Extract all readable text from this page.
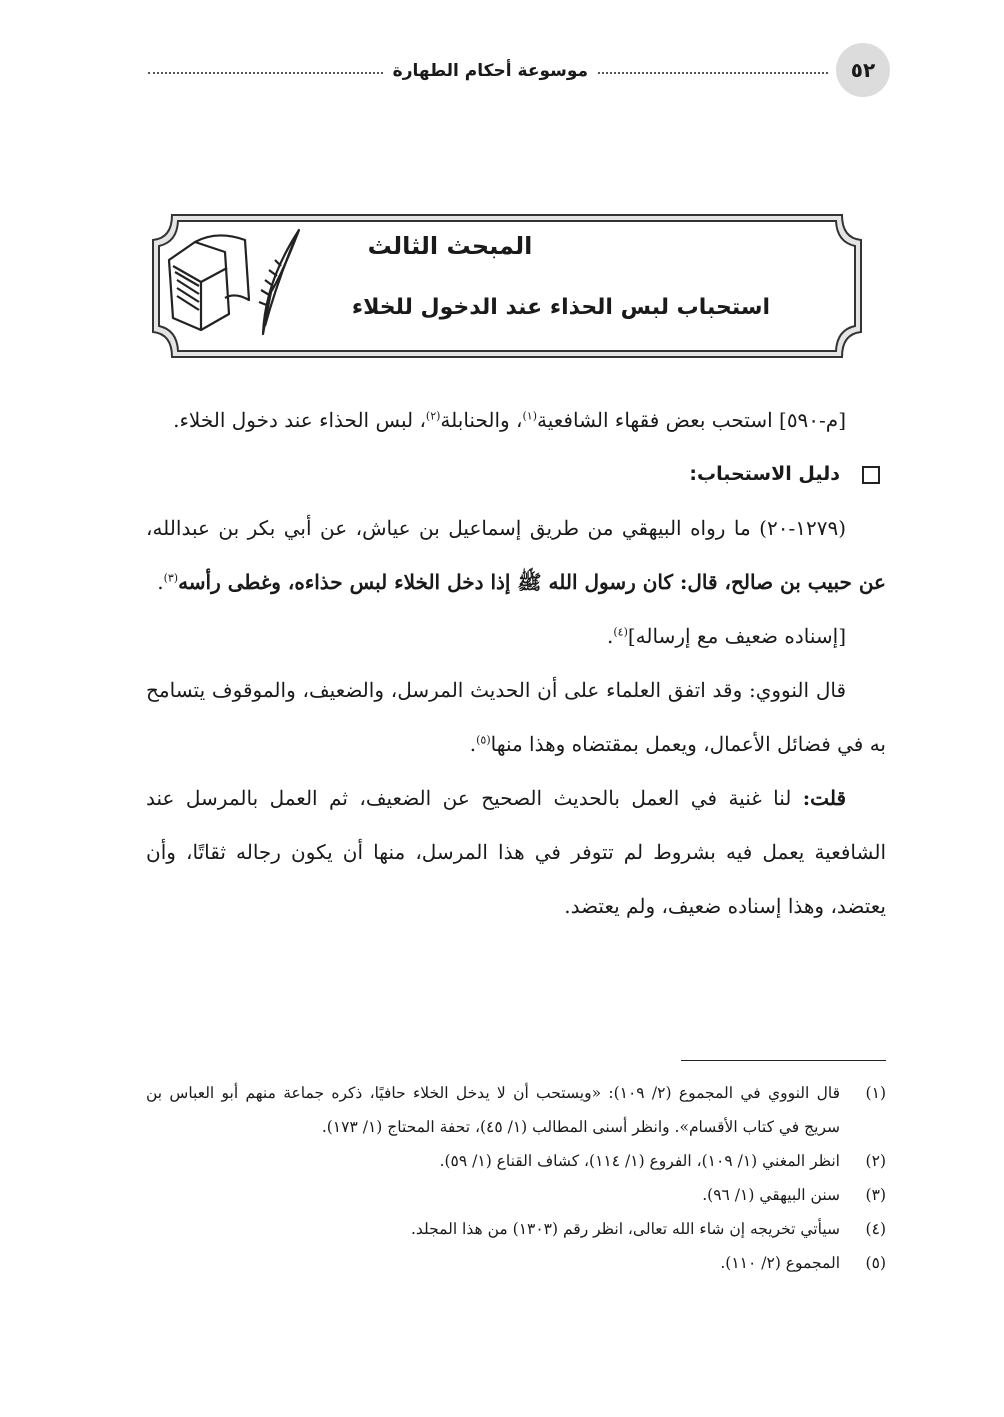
٥٢
موسوعة أحكام الطهارة
المبحث الثالث
استحباب لبس الحذاء عند الدخول للخلاء

[م-٥٩٠] استحب بعض فقهاء الشافعية$^{(١)}$، والحنابلة$^{(٢)}$، لبس الحذاء عند دخول الخلاء.

دليل الاستحباب:

(١٢٧٩-٢٠) ما رواه البيهقي من طريق إسماعيل بن عياش، عن أبي بكر بن عبدالله، عن حبيب بن صالح، قال: كان رسول الله ﷺ إذا دخل الخلاء لبس حذاءه، وغطى رأسه$^{(٣)}$.

[إسناده ضعيف مع إرساله]$^{(٤)}$.

قال النووي: وقد اتفق العلماء على أن الحديث المرسل، والضعيف، والموقوف يتسامح به في فضائل الأعمال، ويعمل بمقتضاه وهذا منها$^{(٥)}$.

قلت: لنا غنية في العمل بالحديث الصحيح عن الضعيف، ثم العمل بالمرسل عند الشافعية يعمل فيه بشروط لم تتوفر في هذا المرسل، منها أن يكون رجاله ثقاتًا، وأن يعتضد، وهذا إسناده ضعيف، ولم يعتضد.

(١)
قال النووي في المجموع (٢/ ١٠٩): «ويستحب أن لا يدخل الخلاء حافيًا، ذكره جماعة منهم أبو العباس بن سريج في كتاب الأقسام». وانظر أسنى المطالب (١/ ٤٥)، تحفة المحتاج (١/ ١٧٣).
(٢)
انظر المغني (١/ ١٠٩)، الفروع (١/ ١١٤)، كشاف القناع (١/ ٥٩).
(٣)
سنن البيهقي (١/ ٩٦).
(٤)
سيأتي تخريجه إن شاء الله تعالى، انظر رقم (١٣٠٣) من هذا المجلد.
(٥)
المجموع (٢/ ١١٠).
